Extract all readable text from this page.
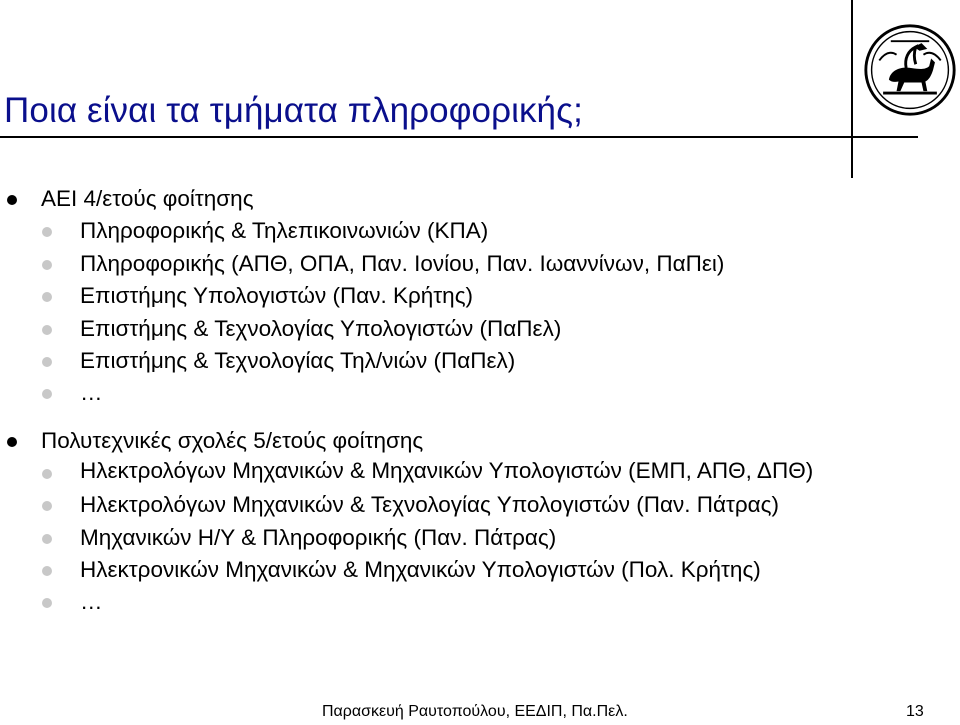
Ποια είναι τα τμήματα πληροφορικής;
ΑΕΙ 4/ετούς φοίτησης
Πληροφορικής & Τηλεπικοινωνιών (ΚΠΑ)
Πληροφορικής (ΑΠΘ, ΟΠΑ, Παν. Ιονίου, Παν. Ιωαννίνων, ΠαΠει)
Επιστήμης Υπολογιστών (Παν. Κρήτης)
Επιστήμης & Τεχνολογίας Υπολογιστών (ΠαΠελ)
Επιστήμης & Τεχνολογίας Τηλ/νιών (ΠαΠελ)
…
Πολυτεχνικές σχολές 5/ετούς φοίτησης
Ηλεκτρολόγων Μηχανικών & Μηχανικών Υπολογιστών (ΕΜΠ, ΑΠΘ, ΔΠΘ)
Ηλεκτρολόγων Μηχανικών & Τεχνολογίας Υπολογιστών (Παν. Πάτρας)
Μηχανικών Η/Υ & Πληροφορικής (Παν. Πάτρας)
Ηλεκτρονικών Μηχανικών & Μηχανικών Υπολογιστών (Πολ. Κρήτης)
…
Παρασκευή Ραυτοπούλου, ΕΕΔΙΠ, Πα.Πελ.	13
